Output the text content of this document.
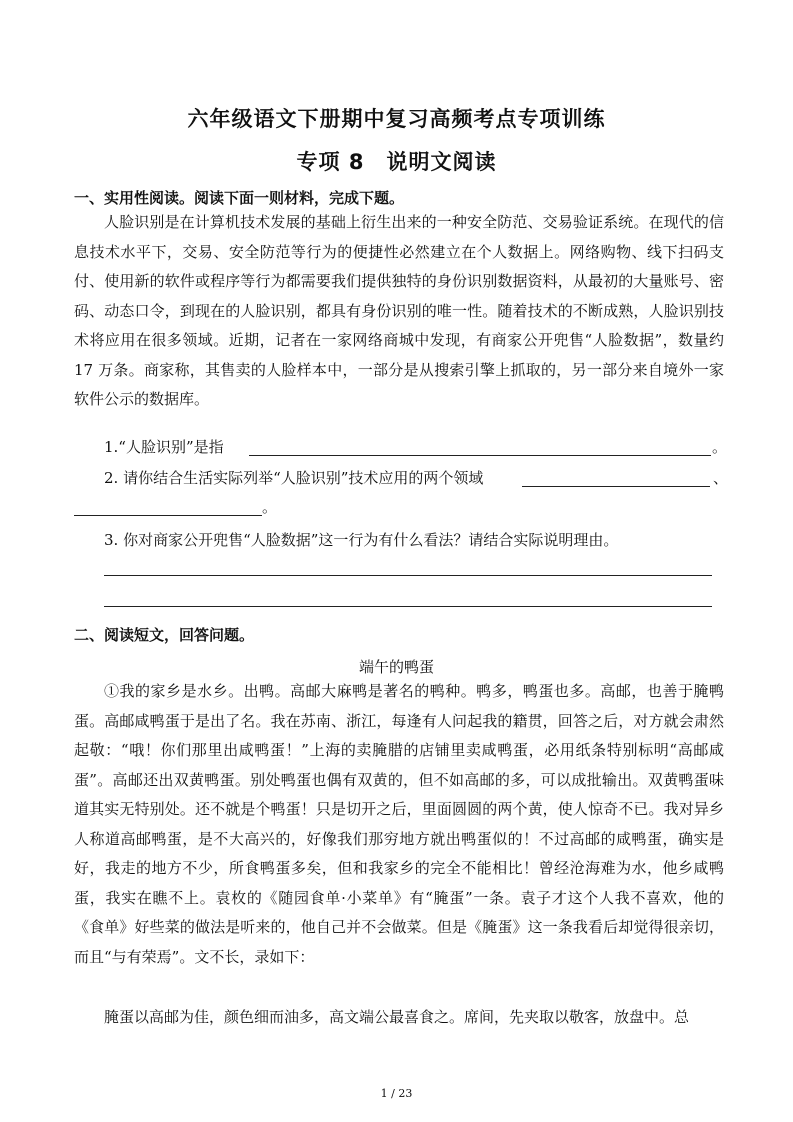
六年级语文下册期中复习高频考点专项训练
专项 8　说明文阅读
一、实用性阅读。阅读下面一则材料，完成下题。

人脸识别是在计算机技术发展的基础上衍生出来的一种安全防范、交易验证系统。在现代的信息技术水平下，交易、安全防范等行为的便捷性必然建立在个人数据上。网络购物、线下扫码支付、使用新的软件或程序等行为都需要我们提供独特的身份识别数据资料，从最初的大量账号、密码、动态口令，到现在的人脸识别，都具有身份识别的唯一性。随着技术的不断成熟，人脸识别技术将应用在很多领域。近期，记者在一家网络商城中发现，有商家公开兜售“人脸数据”，数量约 17 万条。商家称，其售卖的人脸样本中，一部分是从搜索引擎上抓取的，另一部分来自境外一家软件公示的数据库。

1.“人脸识别”是指	。
2. 请你结合生活实际列举“人脸识别”技术应用的两个领域	、
。
3. 你对商家公开兜售“人脸数据”这一行为有什么看法？请结合实际说明理由。
二、阅读短文，回答问题。
端午的鸭蛋

①我的家乡是水乡。出鸭。高邮大麻鸭是著名的鸭种。鸭多，鸭蛋也多。高邮，也善于腌鸭蛋。高邮咸鸭蛋于是出了名。我在苏南、浙江，每逢有人问起我的籍贯，回答之后，对方就会肃然起敬：“哦！你们那里出咸鸭蛋！”上海的卖腌腊的店铺里卖咸鸭蛋，必用纸条特别标明“高邮咸蛋”。高邮还出双黄鸭蛋。别处鸭蛋也偶有双黄的，但不如高邮的多，可以成批输出。双黄鸭蛋味道其实无特别处。还不就是个鸭蛋！只是切开之后，里面圆圆的两个黄，使人惊奇不已。我对异乡人称道高邮鸭蛋，是不大高兴的，好像我们那穷地方就出鸭蛋似的！不过高邮的咸鸭蛋，确实是好，我走的地方不少，所食鸭蛋多矣，但和我家乡的完全不能相比！曾经沧海难为水，他乡咸鸭蛋，我实在瞧不上。袁枚的《随园食单·小菜单》有“腌蛋”一条。袁子才这个人我不喜欢，他的《食单》好些菜的做法是听来的，他自己并不会做菜。但是《腌蛋》这一条我看后却觉得很亲切，而且“与有荣焉”。文不长，录如下：

腌蛋以高邮为佳，颜色细而油多，高文端公最喜食之。席间，先夹取以敬客，放盘中。总

1 / 23
